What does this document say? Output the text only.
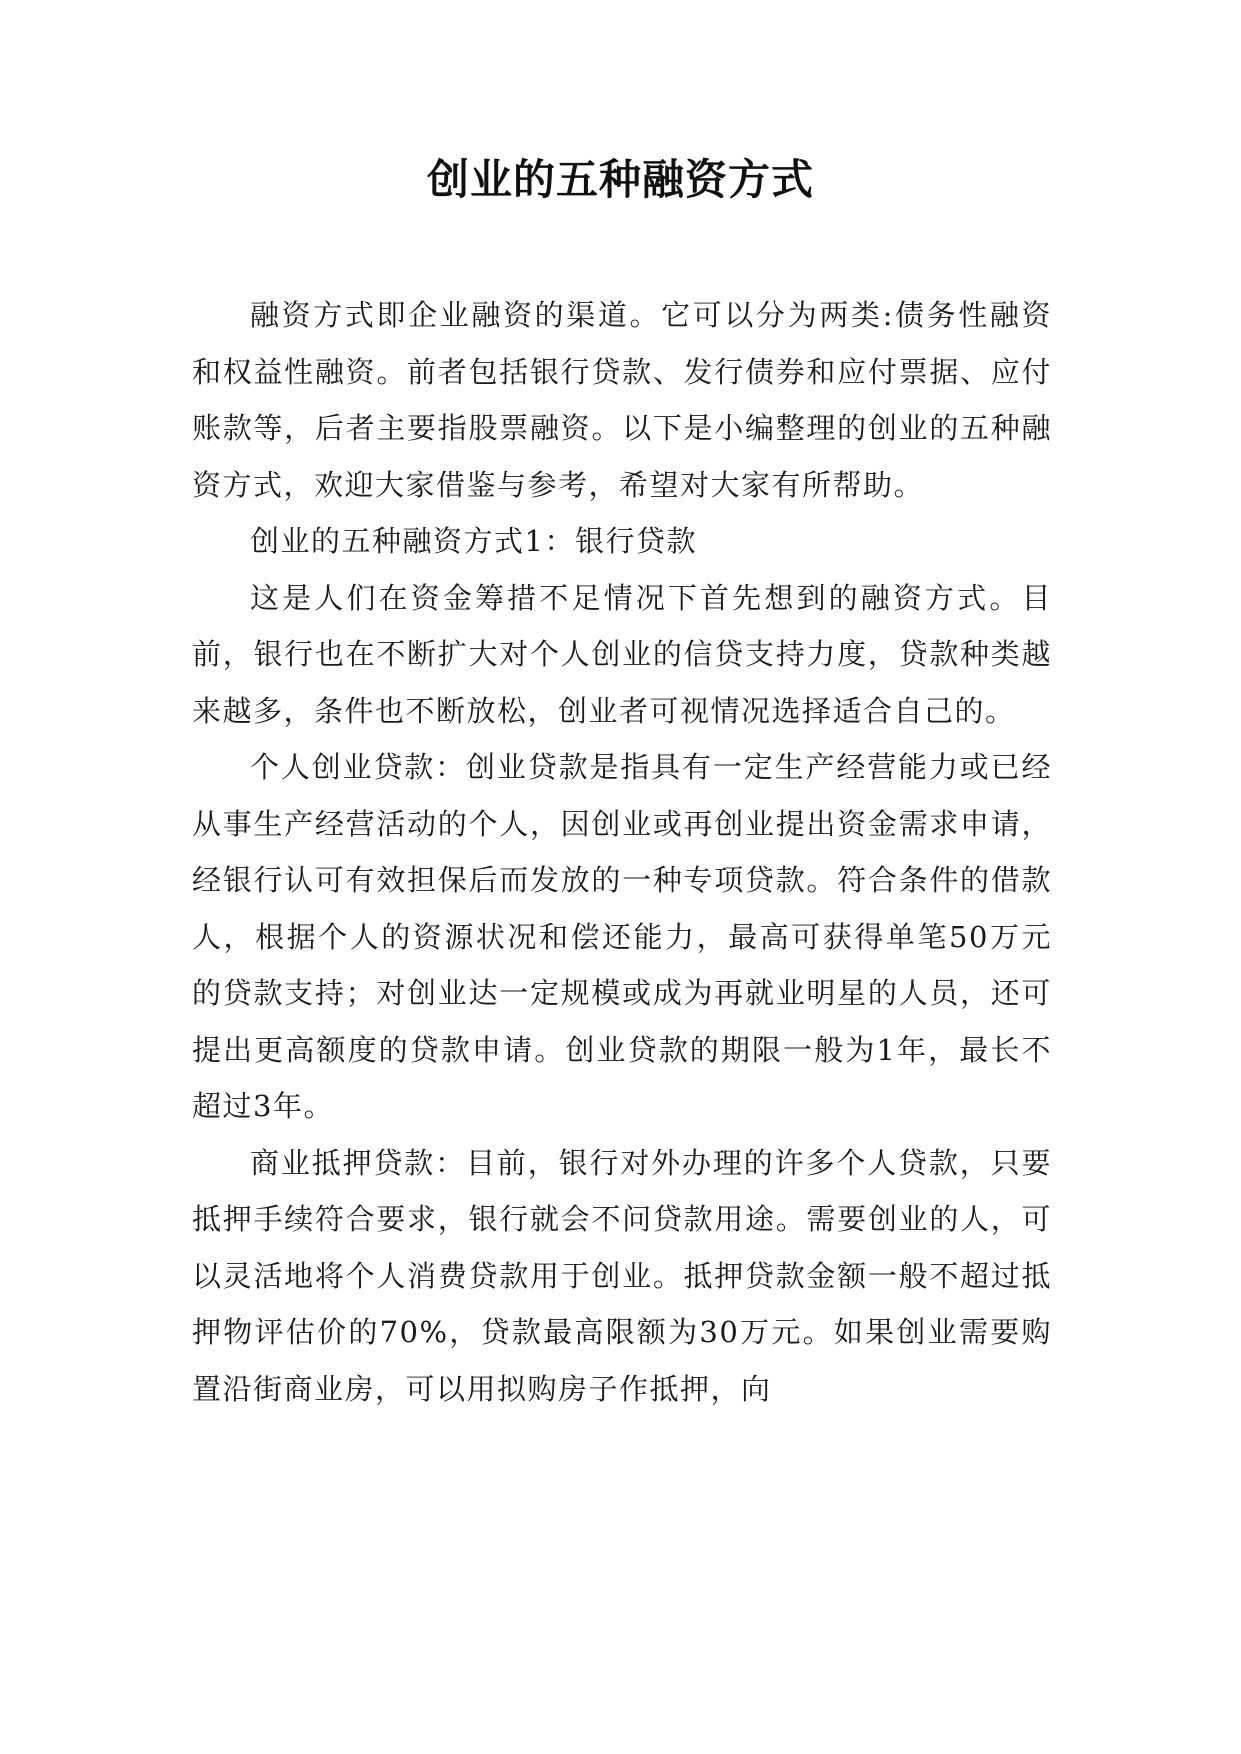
创业的五种融资方式

融资方式即企业融资的渠道。它可以分为两类:债务性融资和权益性融资。前者包括银行贷款、发行债券和应付票据、应付账款等，后者主要指股票融资。以下是小编整理的创业的五种融资方式，欢迎大家借鉴与参考，希望对大家有所帮助。

创业的五种融资方式1：银行贷款

这是人们在资金筹措不足情况下首先想到的融资方式。目前，银行也在不断扩大对个人创业的信贷支持力度，贷款种类越来越多，条件也不断放松，创业者可视情况选择适合自己的。

个人创业贷款：创业贷款是指具有一定生产经营能力或已经从事生产经营活动的个人，因创业或再创业提出资金需求申请，经银行认可有效担保后而发放的一种专项贷款。符合条件的借款人，根据个人的资源状况和偿还能力，最高可获得单笔50万元的贷款支持；对创业达一定规模或成为再就业明星的人员，还可提出更高额度的贷款申请。创业贷款的期限一般为1年，最长不超过3年。

商业抵押贷款：目前，银行对外办理的许多个人贷款，只要抵押手续符合要求，银行就会不问贷款用途。需要创业的人，可以灵活地将个人消费贷款用于创业。抵押贷款金额一般不超过抵押物评估价的70%，贷款最高限额为30万元。如果创业需要购置沿街商业房，可以用拟购房子作抵押，向
